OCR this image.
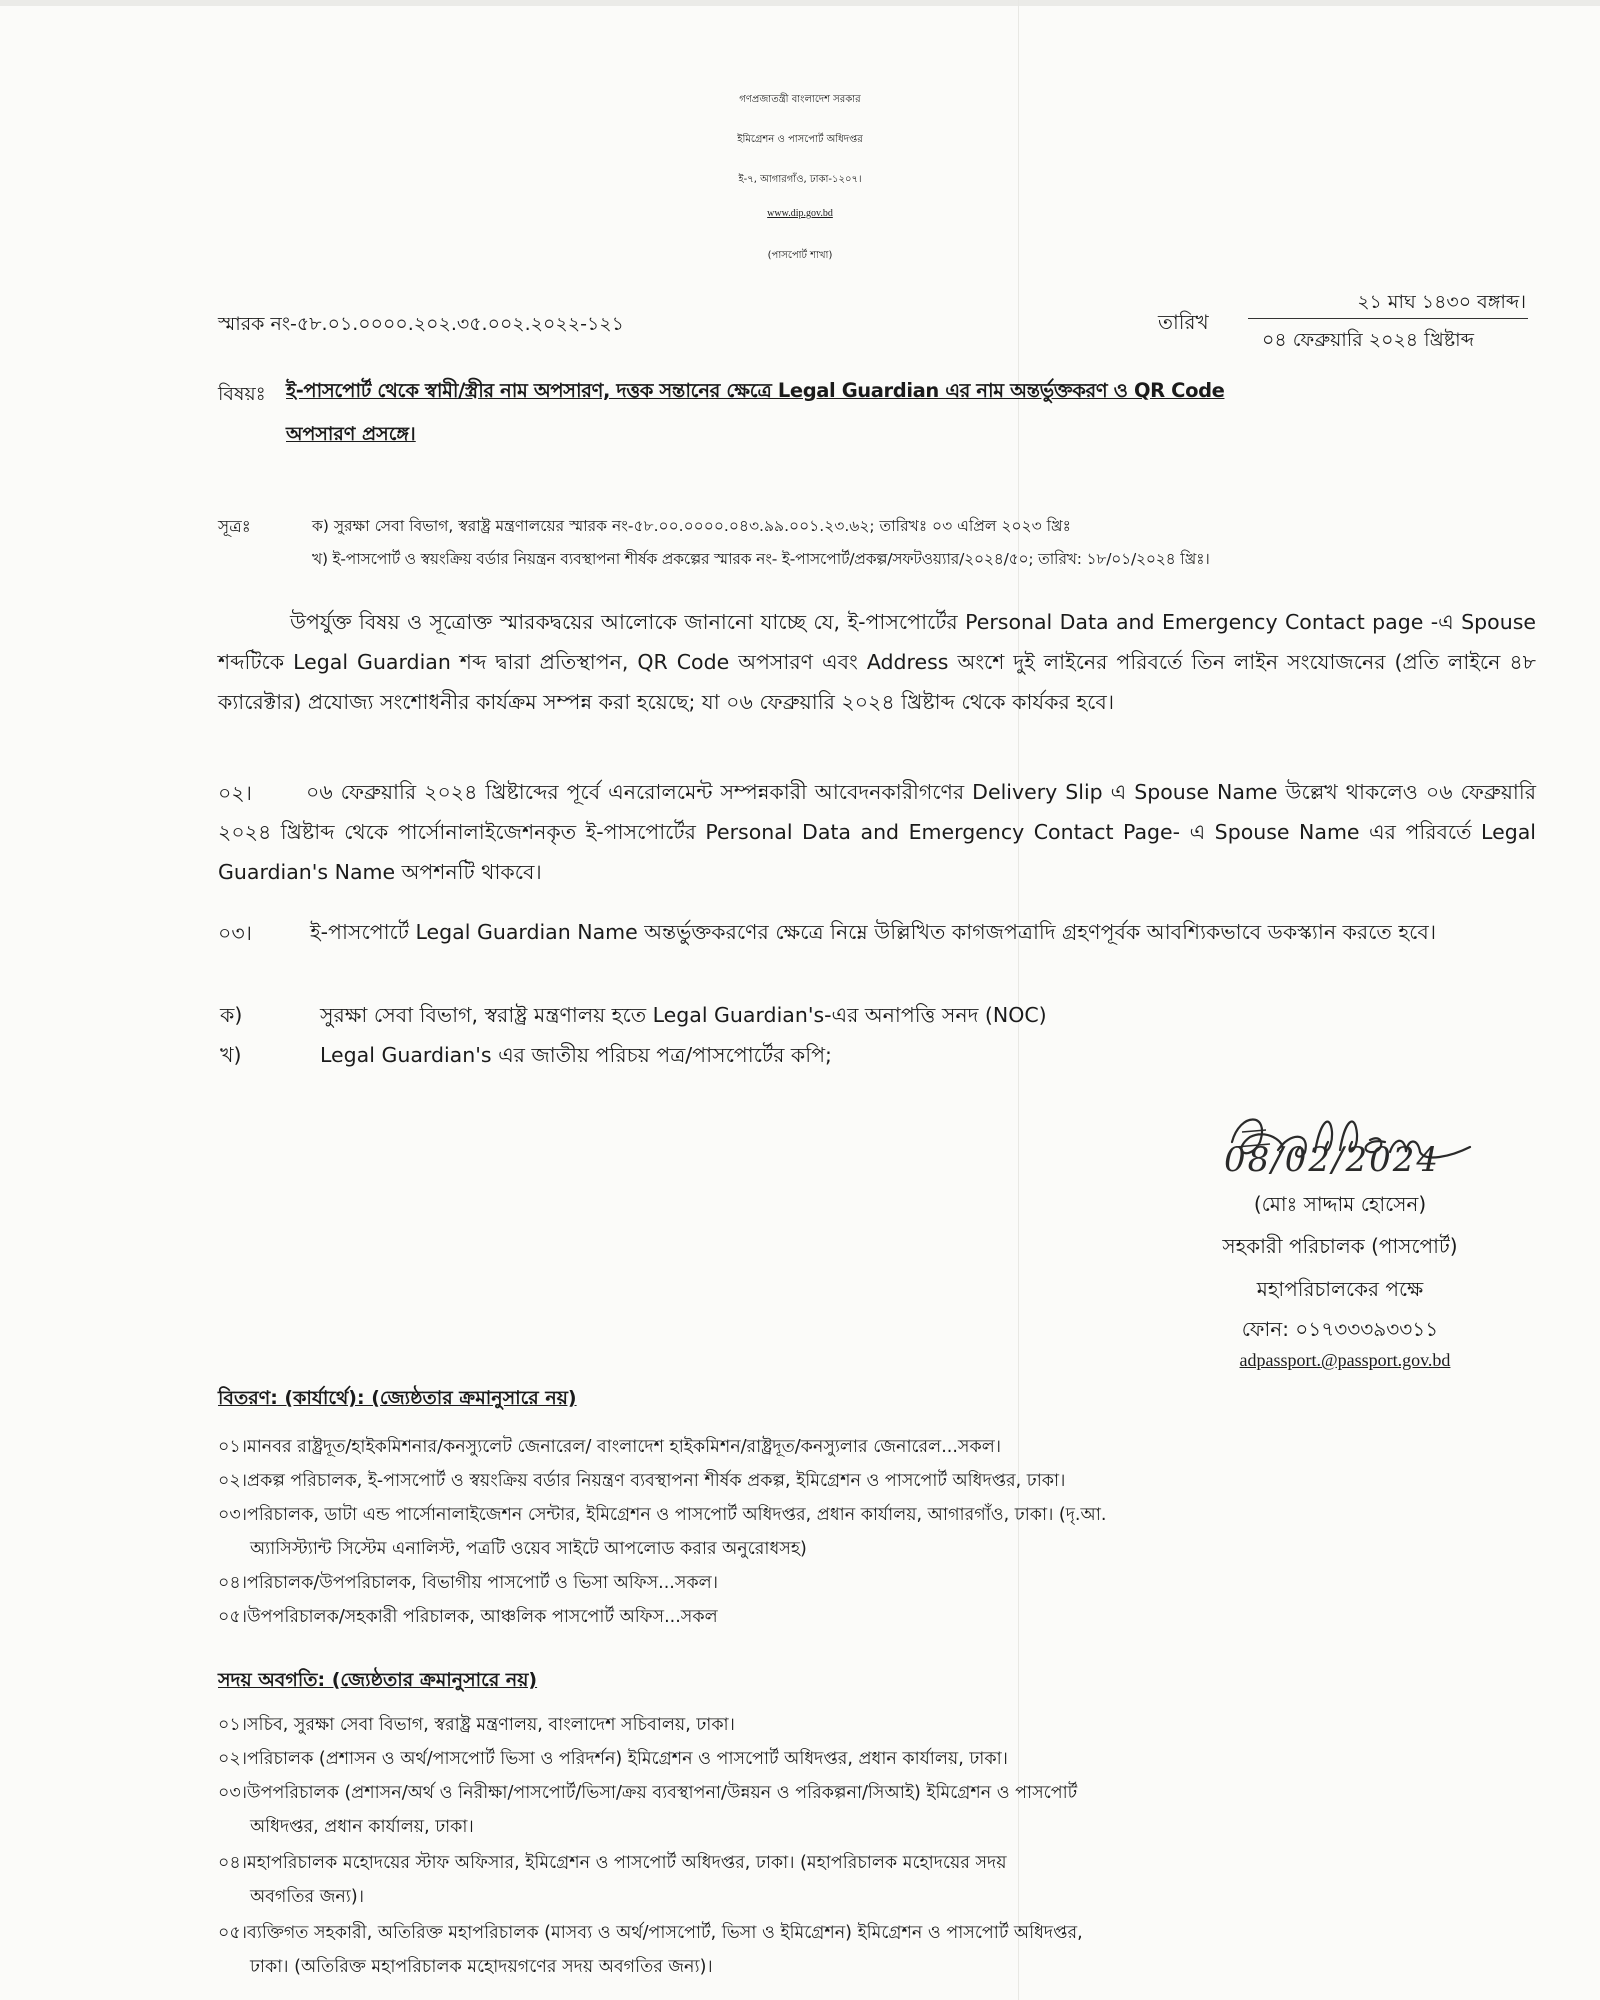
গণপ্রজাতন্ত্রী বাংলাদেশ সরকার
ইমিগ্রেশন ও পাসপোর্ট অধিদপ্তর
ই-৭, আগারগাঁও, ঢাকা-১২০৭।
www.dip.gov.bd
(পাসপোর্ট শাখা)
স্মারক নং-৫৮.০১.০০০০.২০২.৩৫.০০২.২০২২-১২১	তারিখ
২১ মাঘ ১৪৩০ বঙ্গাব্দ।
০৪ ফেব্রুয়ারি ২০২৪ খ্রিষ্টাব্দ
বিষয়ঃ ই-পাসপোর্ট থেকে স্বামী/স্ত্রীর নাম অপসারণ, দত্তক সন্তানের ক্ষেত্রে Legal Guardian এর নাম অন্তর্ভুক্তকরণ ও QR Code
অপসারণ প্রসঙ্গে।
সূত্রঃ	ক) সুরক্ষা সেবা বিভাগ, স্বরাষ্ট্র মন্ত্রণালয়ের স্মারক নং-৫৮.০০.০০০০.০৪৩.৯৯.০০১.২৩.৬২; তারিখঃ ০৩ এপ্রিল ২০২৩ খ্রিঃ
খ) ই-পাসপোর্ট ও স্বয়ংক্রিয় বর্ডার নিয়ন্ত্রন ব্যবস্থাপনা শীর্ষক প্রকল্পের স্মারক নং- ই-পাসপোর্ট/প্রকল্প/সফটওয়্যার/২০২৪/৫০; তারিখ: ১৮/০১/২০২৪ খ্রিঃ।
উপর্যুক্ত বিষয় ও সূত্রোক্ত স্মারকদ্বয়ের আলোকে জানানো যাচ্ছে যে, ই-পাসপোর্টের Personal Data and Emergency Contact page -এ Spouse শব্দটিকে Legal Guardian শব্দ দ্বারা প্রতিস্থাপন, QR Code অপসারণ এবং Address অংশে দুই লাইনের পরিবর্তে তিন লাইন সংযোজনের (প্রতি লাইনে ৪৮ ক্যারেক্টার) প্রযোজ্য সংশোধনীর কার্যক্রম সম্পন্ন করা হয়েছে; যা ০৬ ফেব্রুয়ারি ২০২৪ খ্রিষ্টাব্দ থেকে কার্যকর হবে।
০২।	০৬ ফেব্রুয়ারি ২০২৪ খ্রিষ্টাব্দের পূর্বে এনরোলমেন্ট সম্পন্নকারী আবেদনকারীগণের Delivery Slip এ Spouse Name উল্লেখ থাকলেও ০৬ ফেব্রুয়ারি ২০২৪ খ্রিষ্টাব্দ থেকে পার্সোনালাইজেশনকৃত ই-পাসপোর্টের Personal Data and Emergency Contact Page- এ Spouse Name এর পরিবর্তে Legal Guardian's Name অপশনটি থাকবে।
০৩।	ই-পাসপোর্টে Legal Guardian Name অন্তর্ভুক্তকরণের ক্ষেত্রে নিম্নে উল্লিখিত কাগজপত্রাদি গ্রহণপূর্বক আবশ্যিকভাবে ডকস্ক্যান করতে হবে।
ক)	সুরক্ষা সেবা বিভাগ, স্বরাষ্ট্র মন্ত্রণালয় হতে Legal Guardian's-এর অনাপত্তি সনদ (NOC)
খ)	Legal Guardian's এর জাতীয় পরিচয় পত্র/পাসপোর্টের কপি;
08/02/2024
(মোঃ সাদ্দাম হোসেন)
সহকারী পরিচালক (পাসপোর্ট)
মহাপরিচালকের পক্ষে
ফোন: ০১৭৩৩৩৯৩৩১১
adpassport.@passport.gov.bd
বিতরণ: (কার্যার্থে): (জ্যেষ্ঠতার ক্রমানুসারে নয়)
০১।মানবর রাষ্ট্রদূত/হাইকমিশনার/কনস্যুলেট জেনারেল/ বাংলাদেশ হাইকমিশন/রাষ্ট্রদূত/কনস্যুলার জেনারেল...সকল।
০২।প্রকল্প পরিচালক, ই-পাসপোর্ট ও স্বয়ংক্রিয় বর্ডার নিয়ন্ত্রণ ব্যবস্থাপনা শীর্ষক প্রকল্প, ইমিগ্রেশন ও পাসপোর্ট অধিদপ্তর, ঢাকা।
০৩।পরিচালক, ডাটা এন্ড পার্সোনালাইজেশন সেন্টার, ইমিগ্রেশন ও পাসপোর্ট অধিদপ্তর, প্রধান কার্যালয়, আগারগাঁও, ঢাকা। (দৃ.আ.
অ্যাসিস্ট্যান্ট সিস্টেম এনালিস্ট, পত্রটি ওয়েব সাইটে আপলোড করার অনুরোধসহ)
০৪।পরিচালক/উপপরিচালক, বিভাগীয় পাসপোর্ট ও ভিসা অফিস...সকল।
০৫।উপপরিচালক/সহকারী পরিচালক, আঞ্চলিক পাসপোর্ট অফিস...সকল
সদয় অবগতি: (জ্যেষ্ঠতার ক্রমানুসারে নয়)
০১।সচিব, সুরক্ষা সেবা বিভাগ, স্বরাষ্ট্র মন্ত্রণালয়, বাংলাদেশ সচিবালয়, ঢাকা।
০২।পরিচালক (প্রশাসন ও অর্থ/পাসপোর্ট ভিসা ও পরিদর্শন) ইমিগ্রেশন ও পাসপোর্ট অধিদপ্তর, প্রধান কার্যালয়, ঢাকা।
০৩।উপপরিচালক (প্রশাসন/অর্থ ও নিরীক্ষা/পাসপোর্ট/ভিসা/ক্রয় ব্যবস্থাপনা/উন্নয়ন ও পরিকল্পনা/সিআই) ইমিগ্রেশন ও পাসপোর্ট
অধিদপ্তর, প্রধান কার্যালয়, ঢাকা।
০৪।মহাপরিচালক মহোদয়ের স্টাফ অফিসার, ইমিগ্রেশন ও পাসপোর্ট অধিদপ্তর, ঢাকা। (মহাপরিচালক মহোদয়ের সদয়
অবগতির জন্য)।
০৫।ব্যক্তিগত সহকারী, অতিরিক্ত মহাপরিচালক (মাসব্য ও অর্থ/পাসপোর্ট, ভিসা ও ইমিগ্রেশন) ইমিগ্রেশন ও পাসপোর্ট অধিদপ্তর,
ঢাকা। (অতিরিক্ত মহাপরিচালক মহোদয়গণের সদয় অবগতির জন্য)।
